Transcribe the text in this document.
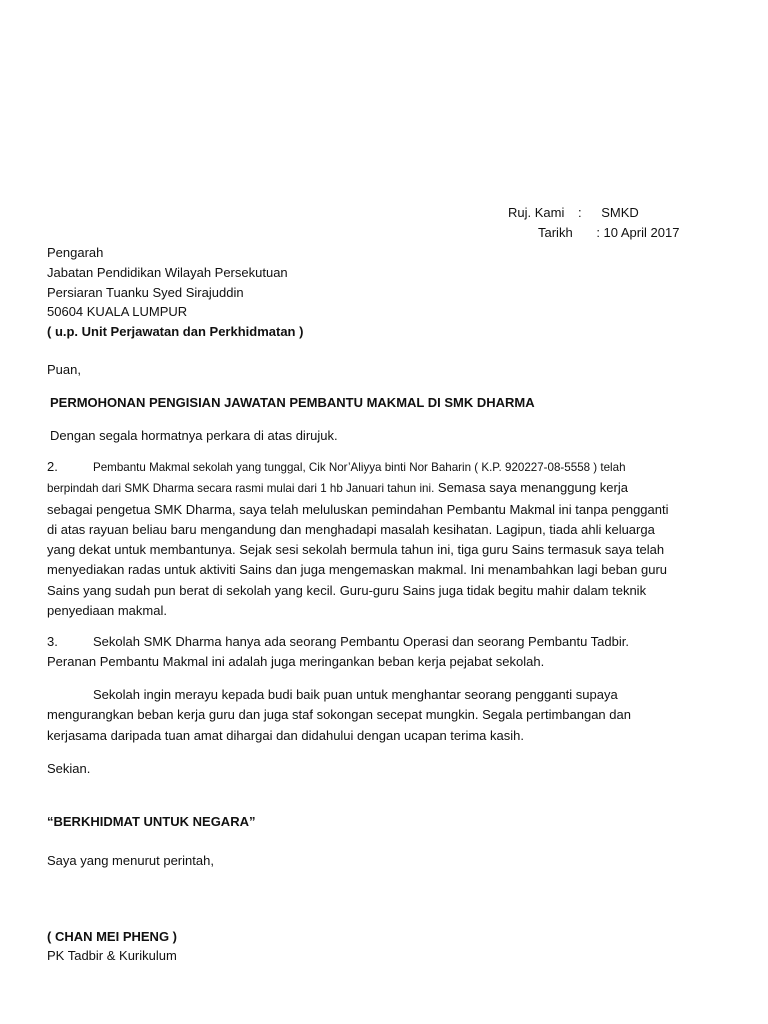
Ruj. Kami : SMKD
Tarikh : 10 April 2017
Pengarah
Jabatan Pendidikan Wilayah Persekutuan
Persiaran Tuanku Syed Sirajuddin
50604 KUALA LUMPUR
( u.p. Unit Perjawatan dan Perkhidmatan )
Puan,
PERMOHONAN PENGISIAN JAWATAN PEMBANTU MAKMAL DI SMK DHARMA
Dengan segala hormatnya perkara di atas dirujuk.
2.	Pembantu Makmal sekolah yang tunggal, Cik Nor’Aliyya binti Nor Baharin ( K.P. 920227-08-5558 ) telah
berpindah dari SMK Dharma secara rasmi mulai dari 1 hb Januari tahun ini. Semasa saya menanggung kerja
sebagai pengetua SMK Dharma, saya telah meluluskan pemindahan Pembantu Makmal ini tanpa pengganti
di atas rayuan beliau baru mengandung dan menghadapi masalah kesihatan. Lagipun, tiada ahli keluarga
yang dekat untuk membantunya. Sejak sesi sekolah bermula tahun ini, tiga guru Sains termasuk saya telah
menyediakan radas untuk aktiviti Sains dan juga mengemaskan makmal. Ini menambahkan lagi beban guru
Sains yang sudah pun berat di sekolah yang kecil. Guru-guru Sains juga tidak begitu mahir dalam teknik
penyediaan makmal.
3.	Sekolah SMK Dharma hanya ada seorang Pembantu Operasi dan seorang Pembantu Tadbir.
Peranan Pembantu Makmal ini adalah juga meringankan beban kerja pejabat sekolah.
Sekolah ingin merayu kepada budi baik puan untuk menghantar seorang pengganti supaya
mengurangkan beban kerja guru dan juga staf sokongan secepat mungkin. Segala pertimbangan dan
kerjasama daripada tuan amat dihargai dan didahului dengan ucapan terima kasih.
Sekian.
“BERKHIDMAT UNTUK NEGARA”
Saya yang menurut perintah,
( CHAN MEI PHENG )
PK Tadbir & Kurikulum
